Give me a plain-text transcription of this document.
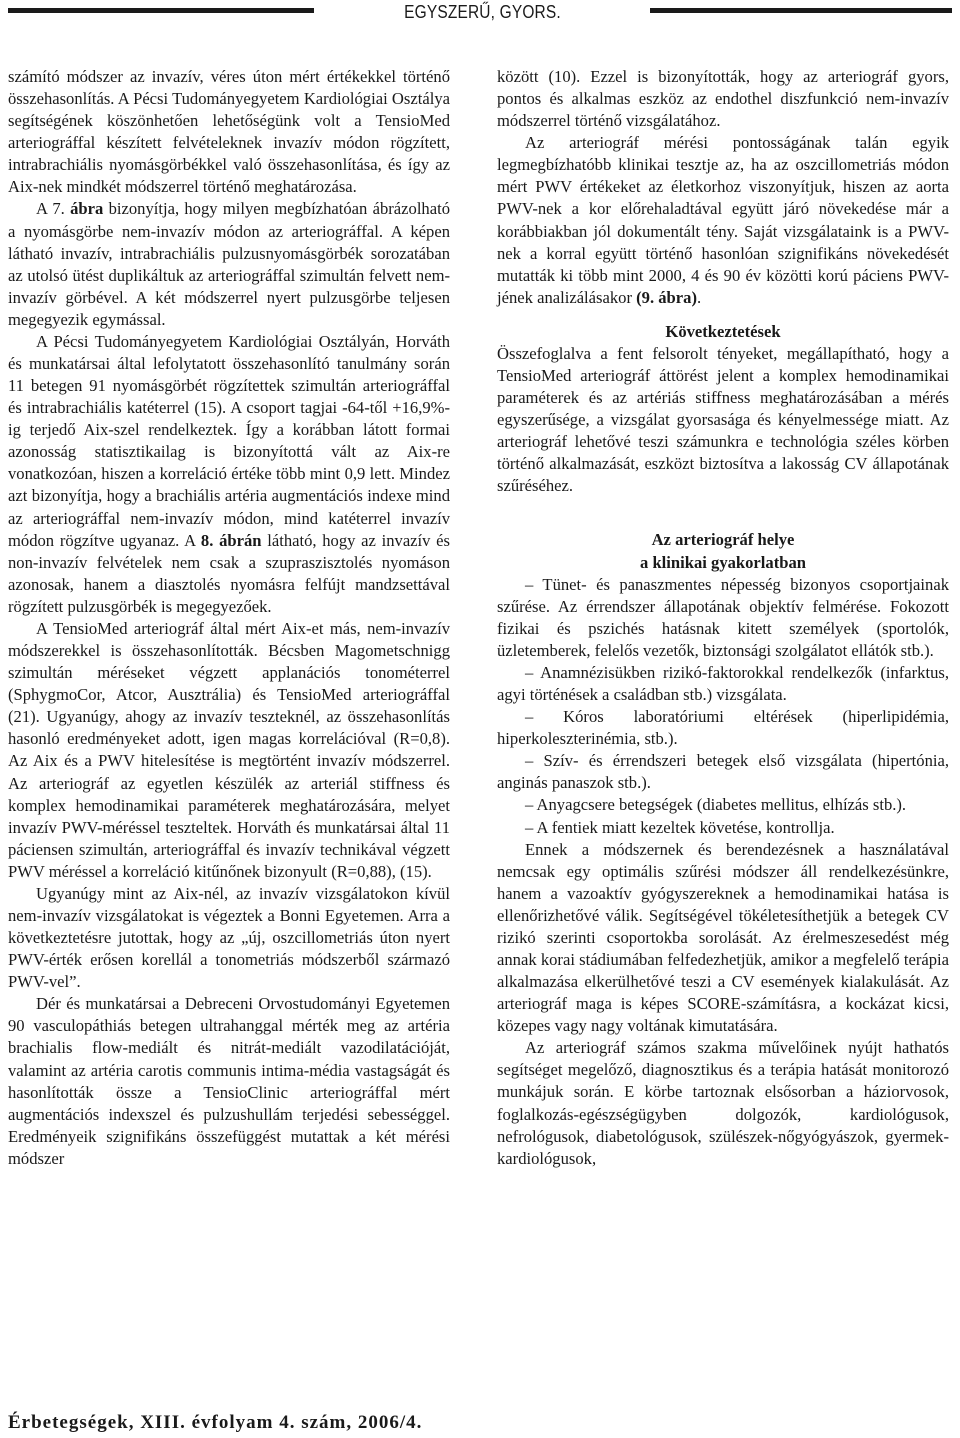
EGYSZERŰ, GYORS.

számító módszer az invazív, véres úton mért értékekkel történő összehasonlítás. A Pécsi Tudományegyetem Kardiológiai Osztálya segítségének köszönhetően lehetőségünk volt a TensioMed arteriográffal készített felvételeknek invazív módon rögzített, intrabrachiális nyomásgörbékkel való összehasonlítása, és így az Aix-nek mindkét módszerrel történő meghatározása.

A 7. ábra bizonyítja, hogy milyen megbízhatóan ábrázolható a nyomásgörbe nem-invazív módon az arteriográffal. A képen látható invazív, intrabrachiális pulzusnyomásgörbék sorozatában az utolsó ütést duplikáltuk az arteriográffal szimultán felvett nem-invazív görbével. A két módszerrel nyert pulzusgörbe teljesen megegyezik egymással.

A Pécsi Tudományegyetem Kardiológiai Osztályán, Horváth és munkatársai által lefolytatott összehasonlító tanulmány során 11 betegen 91 nyomásgörbét rögzítettek szimultán arteriográffal és intrabrachiális katéterrel (15). A csoport tagjai -64-től +16,9%-ig terjedő Aix-szel rendelkeztek. Így a korábban látott formai azonosság statisztikailag is bizonyítottá vált az Aix-re vonatkozóan, hiszen a korreláció értéke több mint 0,9 lett. Mindez azt bizonyítja, hogy a brachiális artéria augmentációs indexe mind az arteriográffal nem-invazív módon, mind katéterrel invazív módon rögzítve ugyanaz. A 8. ábrán látható, hogy az invazív és non-invazív felvételek nem csak a szupraszisztolés nyomáson azonosak, hanem a diasztolés nyomásra felfújt mandzsettával rögzített pulzusgörbék is megegyezőek.

A TensioMed arteriográf által mért Aix-et más, nem-invazív módszerekkel is összehasonlították. Bécsben Magometschnigg szimultán méréseket végzett applanációs tonométerrel (SphygmoCor, Atcor, Ausztrália) és TensioMed arteriográffal (21). Ugyanúgy, ahogy az invazív teszteknél, az összehasonlítás hasonló eredményeket adott, igen magas korrelációval (R=0,8). Az Aix és a PWV hitelesítése is megtörtént invazív módszerrel. Az arteriográf az egyetlen készülék az arteriál stiffness és komplex hemodinamikai paraméterek meghatározására, melyet invazív PWV-méréssel teszteltek. Horváth és munkatársai által 11 páciensen szimultán, arteriográffal és invazív technikával végzett PWV méréssel a korreláció kitűnőnek bizonyult (R=0,88), (15).

Ugyanúgy mint az Aix-nél, az invazív vizsgálatokon kívül nem-invazív vizsgálatokat is végeztek a Bonni Egyetemen. Arra a következtetésre jutottak, hogy az „új, oszcillometriás úton nyert PWV-érték erősen korellál a tonometriás módszerből származó PWV-vel”.

Dér és munkatársai a Debreceni Orvostudományi Egyetemen 90 vasculopáthiás betegen ultrahanggal mérték meg az artéria brachialis flow-mediált és nitrát-mediált vazodilatációját, valamint az artéria carotis communis intima-média vastagságát és hasonlították össze a TensioClinic arteriográffal mért augmentációs indexszel és pulzushullám terjedési sebességgel. Eredményeik szignifikáns összefüggést mutattak a két mérési módszer

között (10). Ezzel is bizonyították, hogy az arteriográf gyors, pontos és alkalmas eszköz az endothel diszfunkció nem-invazív módszerrel történő vizsgálatához.

Az arteriográf mérési pontosságának talán egyik legmegbízhatóbb klinikai tesztje az, ha az oszcillometriás módon mért PWV értékeket az életkorhoz viszonyítjuk, hiszen az aorta PWV-nek a kor előrehaladtával együtt járó növekedése már a korábbiakban jól dokumentált tény. Saját vizsgálataink is a PWV-nek a korral együtt történő hasonlóan szignifikáns növekedését mutatták ki több mint 2000, 4 és 90 év közötti korú páciens PWV-jének analizálásakor (9. ábra).

Következtetések

Összefoglalva a fent felsorolt tényeket, megállapítható, hogy a TensioMed arteriográf áttörést jelent a komplex hemodinamikai paraméterek és az artériás stiffness meghatározásában a mérés egyszerűsége, a vizsgálat gyorsasága és kényelmessége miatt. Az arteriográf lehetővé teszi számunkra e technológia széles körben történő alkalmazását, eszközt biztosítva a lakosság CV állapotának szűréséhez.

Az arteriográf helye
a klinikai gyakorlatban

– Tünet- és panaszmentes népesség bizonyos csoportjainak szűrése. Az érrendszer állapotának objektív felmérése. Fokozott fizikai és pszichés hatásnak kitett személyek (sportolók, üzletemberek, felelős vezetők, biztonsági szolgálatot ellátók stb.).

– Anamnézisükben rizikó-faktorokkal rendelkezők (infarktus, agyi történések a családban stb.) vizsgálata.

– Kóros laboratóriumi eltérések (hiperlipidémia, hiperkoleszterinémia, stb.).

– Szív- és érrendszeri betegek első vizsgálata (hipertónia, anginás panaszok stb.).

– Anyagcsere betegségek (diabetes mellitus, elhízás stb.).

– A fentiek miatt kezeltek követése, kontrollja.

Ennek a módszernek és berendezésnek a használatával nemcsak egy optimális szűrési módszer áll rendelkezésünkre, hanem a vazoaktív gyógyszereknek a hemodinamikai hatása is ellenőrizhetővé válik. Segítségével tökéletesíthetjük a betegek CV rizikó szerinti csoportokba sorolását. Az érelmeszesedést még annak korai stádiumában felfedezhetjük, amikor a megfelelő terápia alkalmazása elkerülhetővé teszi a CV események kialakulását. Az arteriográf maga is képes SCORE-számításra, a kockázat kicsi, közepes vagy nagy voltának kimutatására.

Az arteriográf számos szakma művelőinek nyújt hathatós segítséget megelőző, diagnosztikus és a terápia hatását monitorozó munkájuk során. E körbe tartoznak elsősorban a háziorvosok, foglalkozás-egészségügyben dolgozók, kardiológusok, nefrológusok, diabetológusok, szülészek-nőgyógyászok, gyermek-kardiológusok,

Érbetegségek, XIII. évfolyam 4. szám, 2006/4.
